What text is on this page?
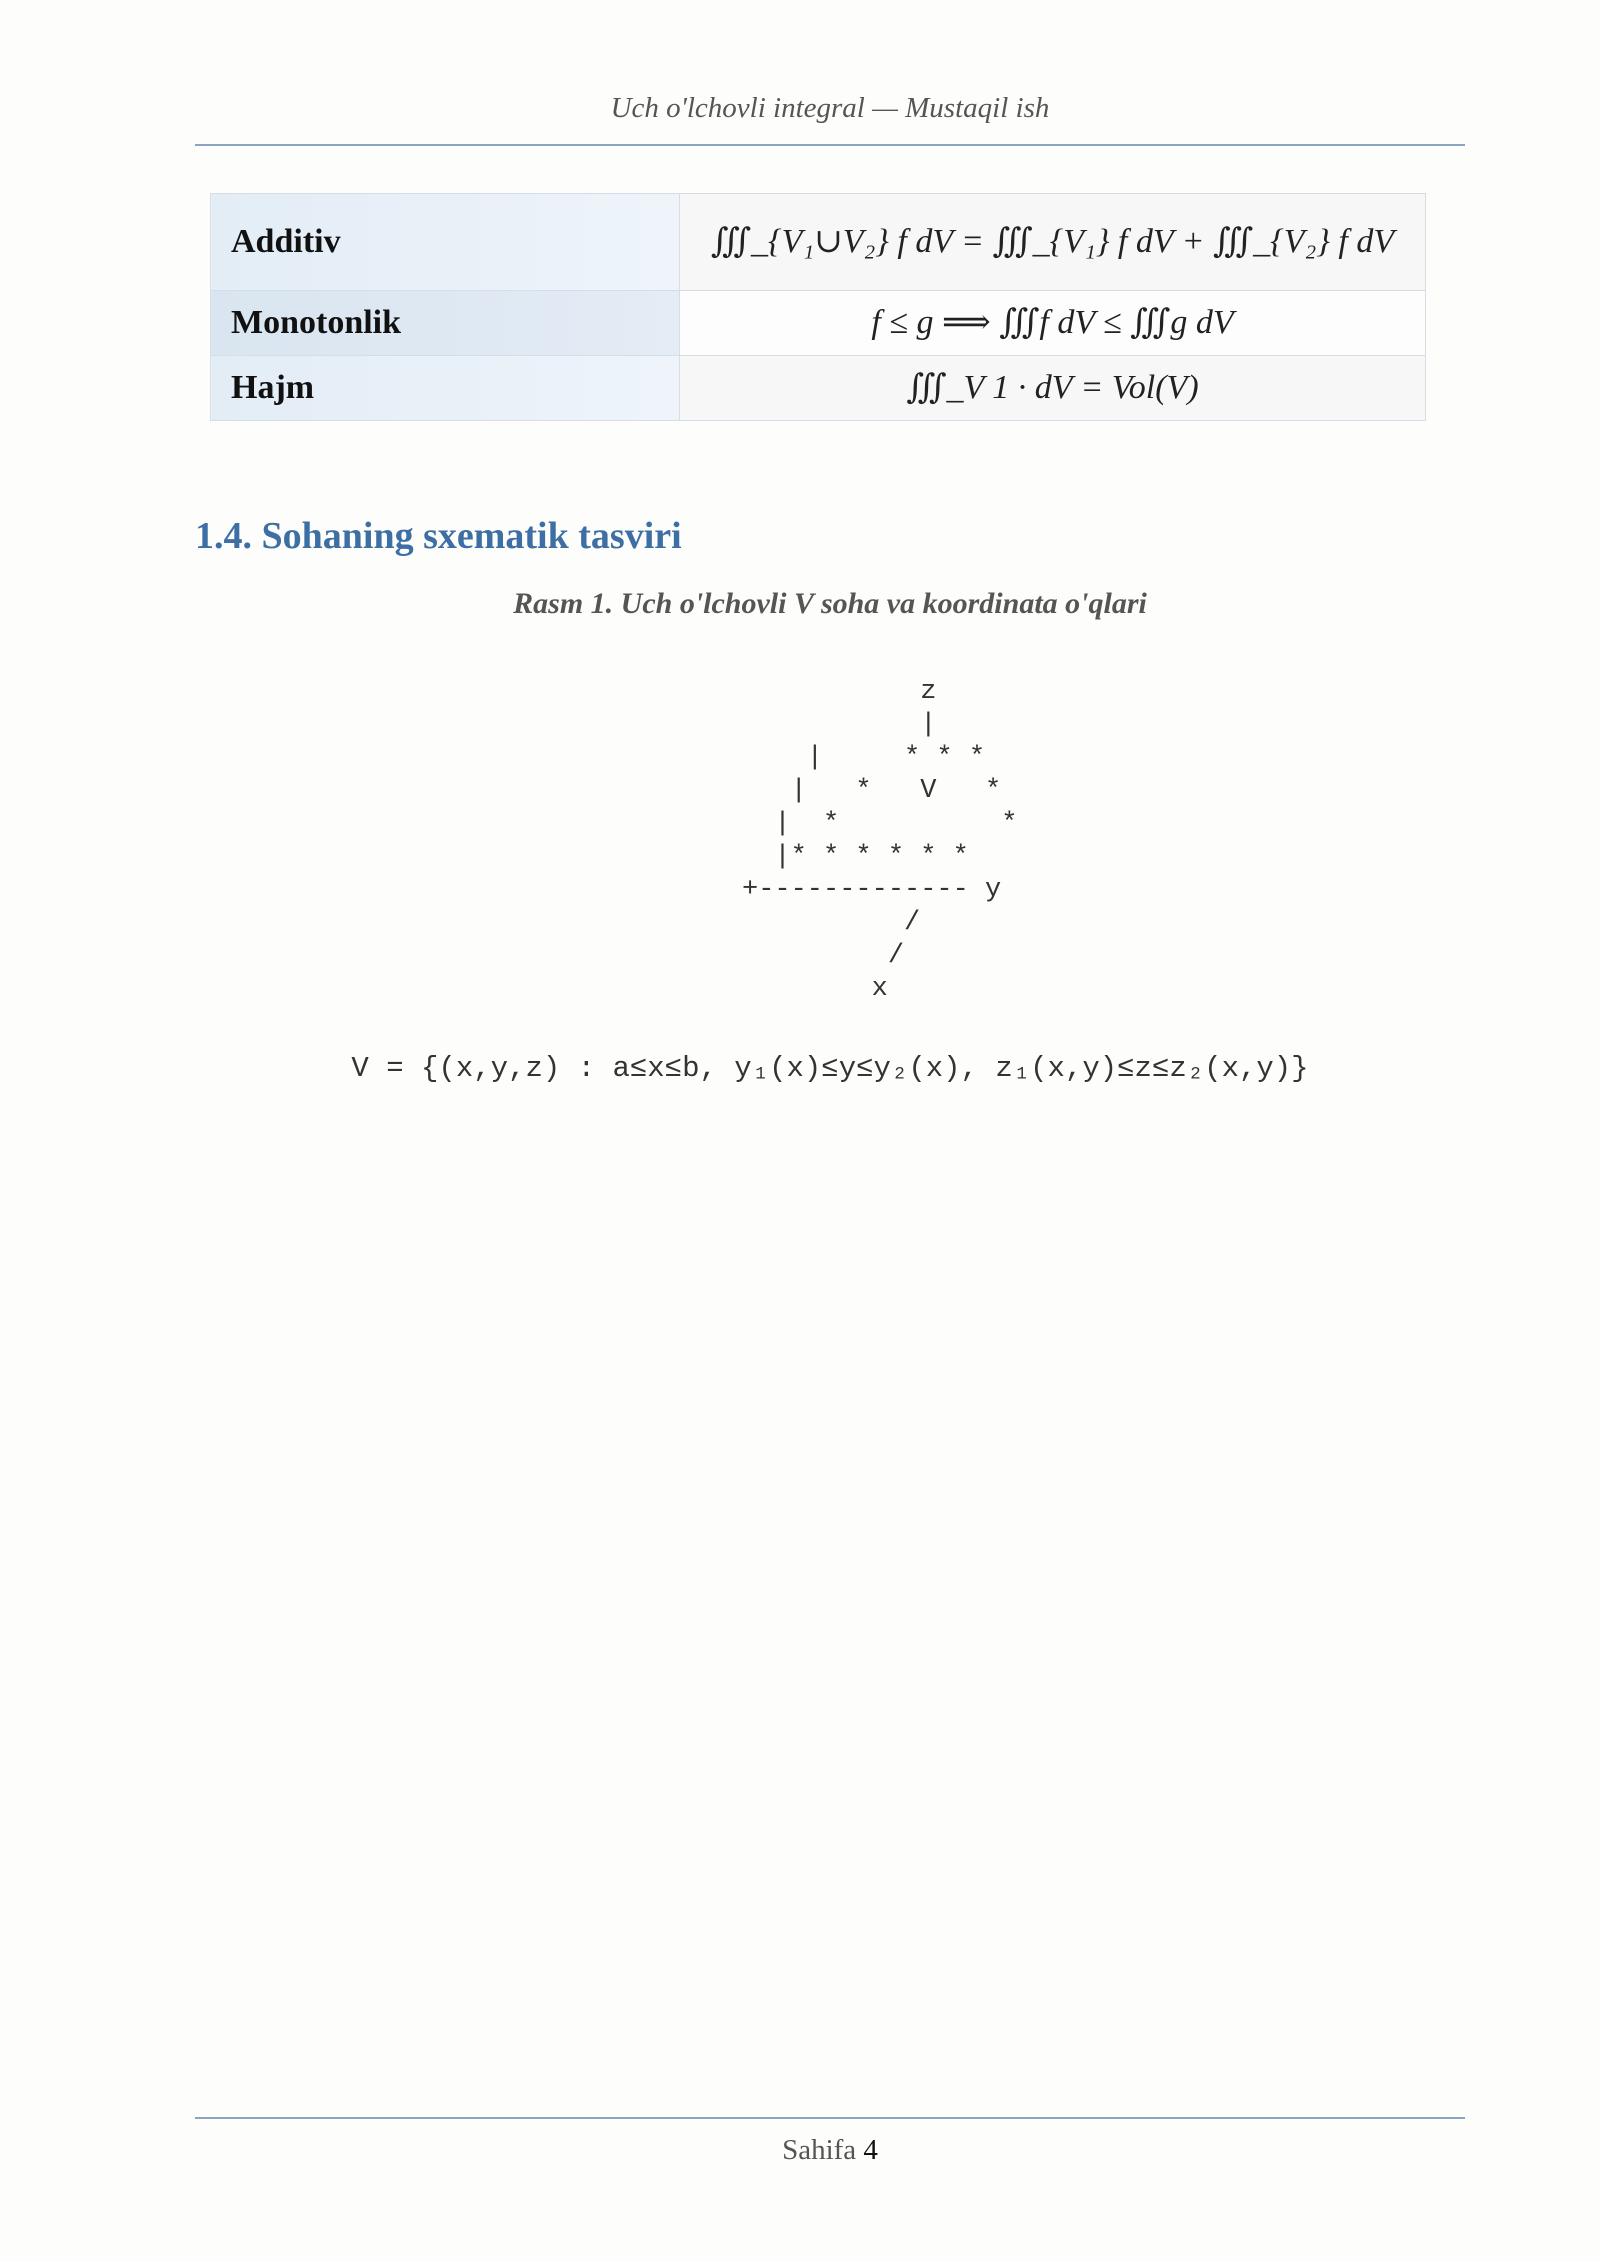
Uch o'lchovli integral — Mustaqil ish
Additiv	∭_{V₁∪V₂} f dV = ∭_{V₁} f dV + ∭_{V₂} f dV
Monotonlik	f ≤ g ⟹ ∭f dV ≤ ∭g dV
Hajm	∭_V 1 · dV = Vol(V)
1.4. Sohaning sxematik tasviri
Rasm 1. Uch o'lchovli V soha va koordinata o'qlari
z
|
|     * * *
|   *   V   *
|  *          *
|* * * * * *
+------------- y
/
/
x
V = {(x,y,z) : a≤x≤b, y₁(x)≤y≤y₂(x), z₁(x,y)≤z≤z₂(x,y)}
Sahifa 4
